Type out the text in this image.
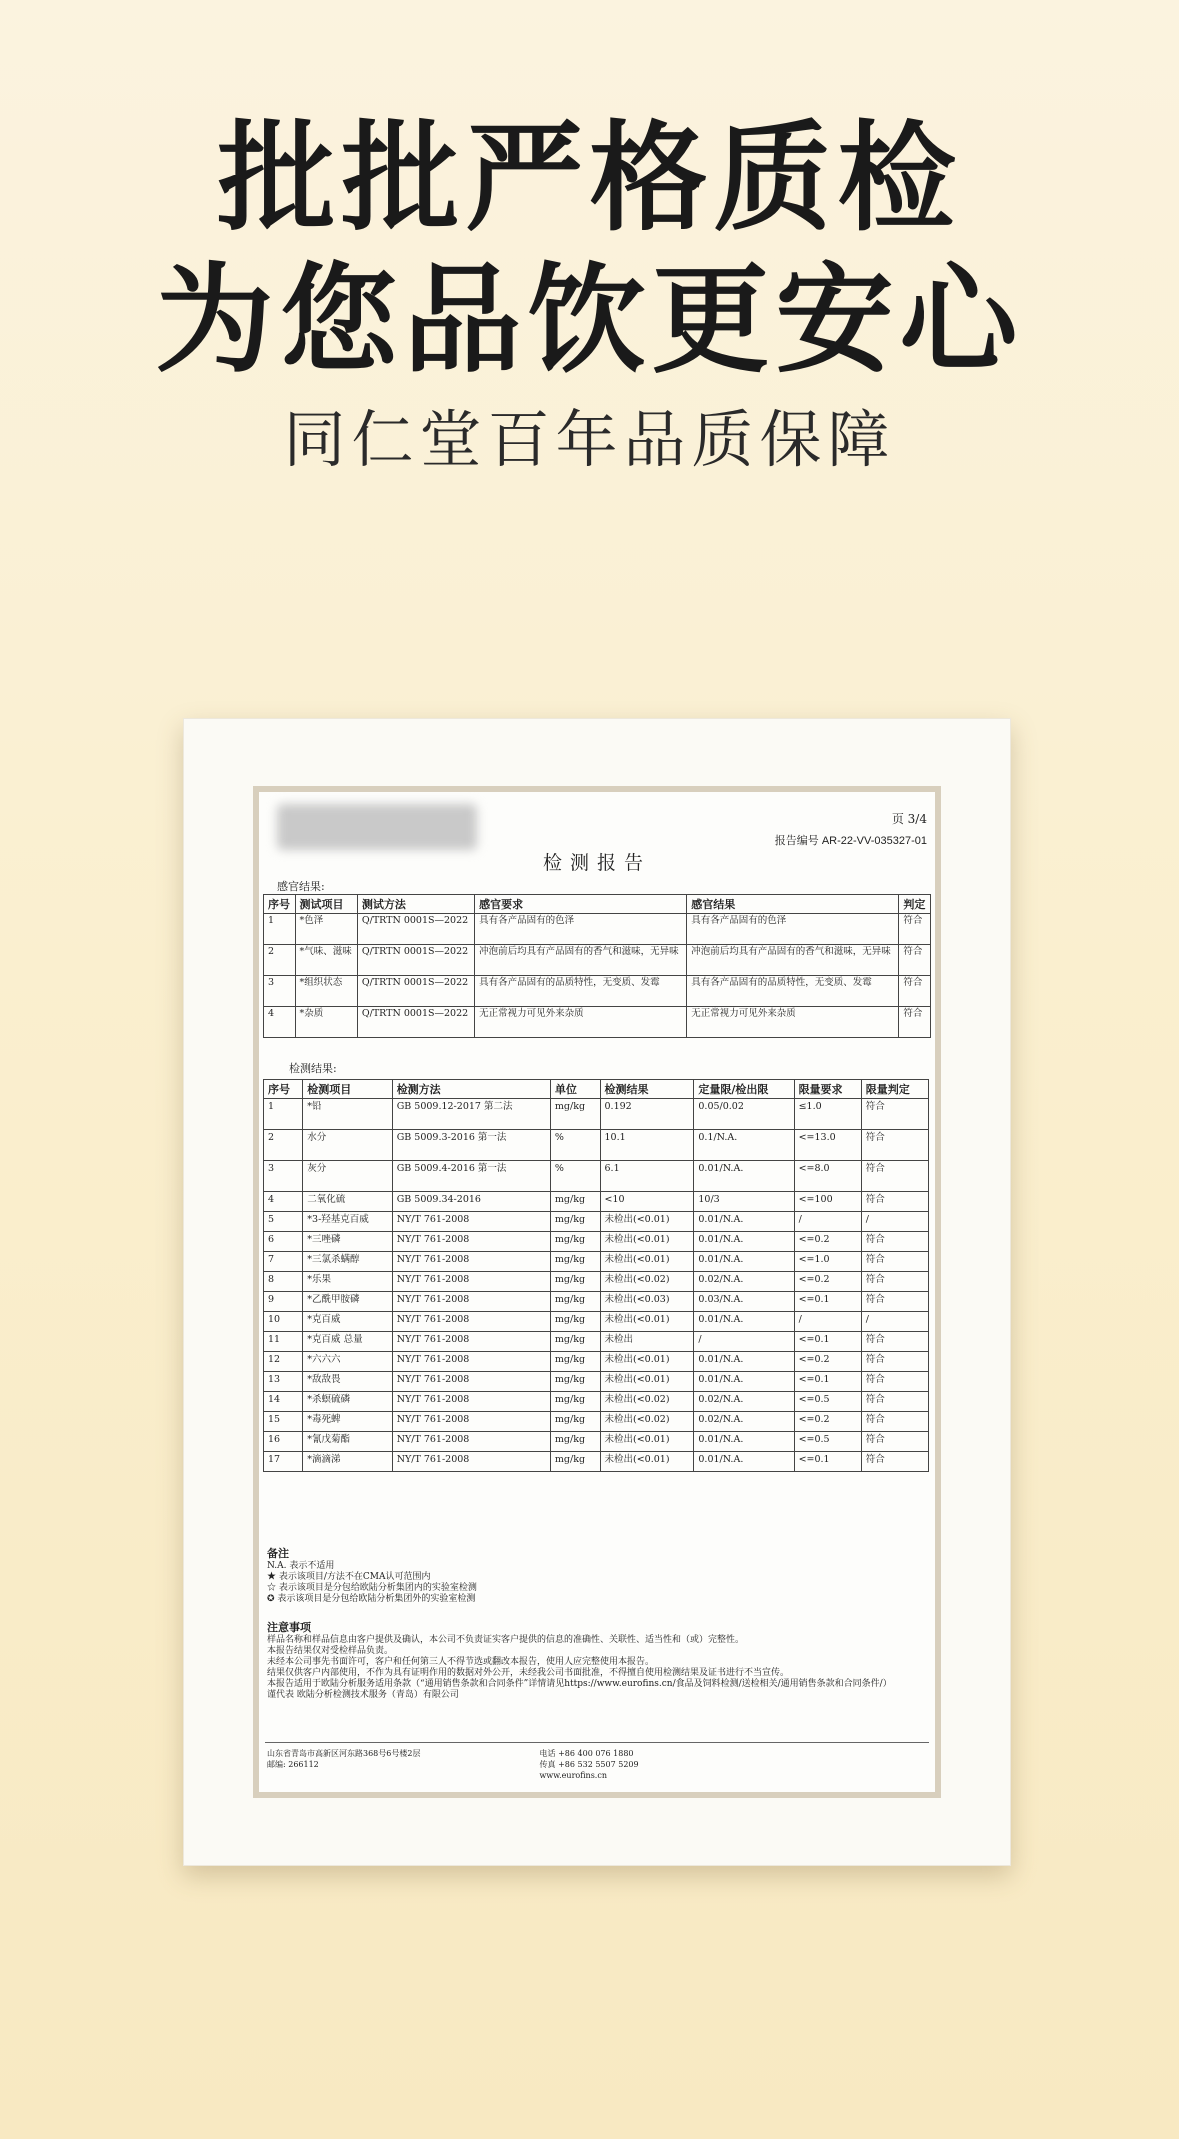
批批严格质检
为您品饮更安心
同仁堂百年品质保障
页 3/4
报告编号 AR-22-VV-035327-01
检测报告
感官结果:
序号	测试项目	测试方法	感官要求	感官结果	判定
1	*色泽	Q/TRTN 0001S—2022	具有各产品固有的色泽	具有各产品固有的色泽	符合
2	*气味、滋味	Q/TRTN 0001S—2022	冲泡前后均具有产品固有的香气和滋味，无异味	冲泡前后均具有产品固有的香气和滋味，无异味	符合
3	*组织状态	Q/TRTN 0001S—2022	具有各产品固有的品质特性，无变质、发霉	具有各产品固有的品质特性，无变质、发霉	符合
4	*杂质	Q/TRTN 0001S—2022	无正常视力可见外来杂质	无正常视力可见外来杂质	符合
检测结果:
序号	检测项目	检测方法	单位	检测结果	定量限/检出限	限量要求	限量判定
1	*铅	GB 5009.12-2017 第二法	mg/kg	0.192	0.05/0.02	≤1.0	符合
2	水分	GB 5009.3-2016 第一法	%	10.1	0.1/N.A.	<=13.0	符合
3	灰分	GB 5009.4-2016 第一法	%	6.1	0.01/N.A.	<=8.0	符合
4	二氧化硫	GB 5009.34-2016	mg/kg	<10	10/3	<=100	符合
5	*3-羟基克百威	NY/T 761-2008	mg/kg	未检出(<0.01)	0.01/N.A.	/	/
6	*三唑磷	NY/T 761-2008	mg/kg	未检出(<0.01)	0.01/N.A.	<=0.2	符合
7	*三氯杀螨醇	NY/T 761-2008	mg/kg	未检出(<0.01)	0.01/N.A.	<=1.0	符合
8	*乐果	NY/T 761-2008	mg/kg	未检出(<0.02)	0.02/N.A.	<=0.2	符合
9	*乙酰甲胺磷	NY/T 761-2008	mg/kg	未检出(<0.03)	0.03/N.A.	<=0.1	符合
10	*克百威	NY/T 761-2008	mg/kg	未检出(<0.01)	0.01/N.A.	/	/
11	*克百威 总量	NY/T 761-2008	mg/kg	未检出	/	<=0.1	符合
12	*六六六	NY/T 761-2008	mg/kg	未检出(<0.01)	0.01/N.A.	<=0.2	符合
13	*敌敌畏	NY/T 761-2008	mg/kg	未检出(<0.01)	0.01/N.A.	<=0.1	符合
14	*杀螟硫磷	NY/T 761-2008	mg/kg	未检出(<0.02)	0.02/N.A.	<=0.5	符合
15	*毒死蜱	NY/T 761-2008	mg/kg	未检出(<0.02)	0.02/N.A.	<=0.2	符合
16	*氰戊菊酯	NY/T 761-2008	mg/kg	未检出(<0.01)	0.01/N.A.	<=0.5	符合
17	*滴滴涕	NY/T 761-2008	mg/kg	未检出(<0.01)	0.01/N.A.	<=0.1	符合
备注
N.A. 表示不适用
★ 表示该项目/方法不在CMA认可范围内
☆ 表示该项目是分包给欧陆分析集团内的实验室检测
✪ 表示该项目是分包给欧陆分析集团外的实验室检测
注意事项
样品名称和样品信息由客户提供及确认，本公司不负责证实客户提供的信息的准确性、关联性、适当性和（或）完整性。
本报告结果仅对受检样品负责。
未经本公司事先书面许可，客户和任何第三人不得节选或翻改本报告，使用人应完整使用本报告。
结果仅供客户内部使用，不作为具有证明作用的数据对外公开，未经我公司书面批准，不得擅自使用检测结果及证书进行不当宣传。
本报告适用于欧陆分析服务适用条款（“通用销售条款和合同条件”详情请见https://www.eurofins.cn/食品及饲料检测/送检相关/通用销售条款和合同条件/）
谨代表 欧陆分析检测技术服务（青岛）有限公司
山东省青岛市高新区河东路368号6号楼2层
邮编: 266112

电话 +86 400 076 1880
传真 +86 532 5507 5209
www.eurofins.cn
